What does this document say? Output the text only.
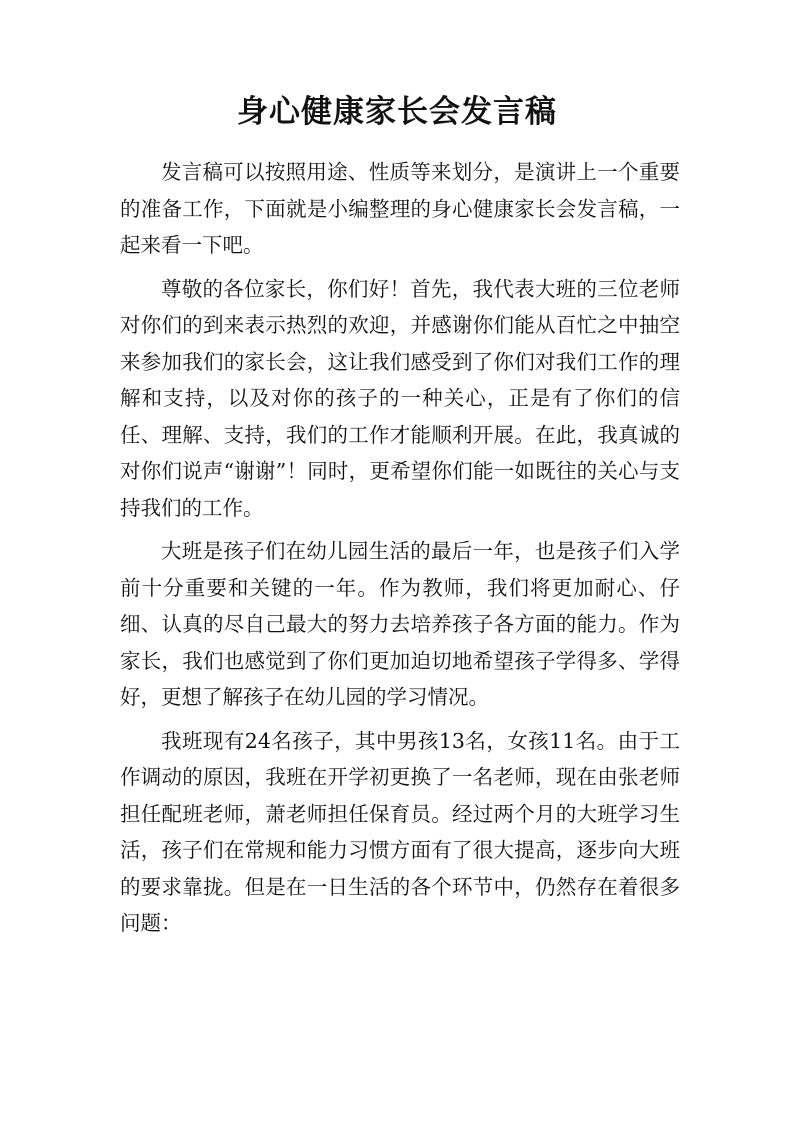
身心健康家长会发言稿

发言稿可以按照用途、性质等来划分，是演讲上一个重要的准备工作，下面就是小编整理的身心健康家长会发言稿，一起来看一下吧。

尊敬的各位家长，你们好！首先，我代表大班的三位老师对你们的到来表示热烈的欢迎，并感谢你们能从百忙之中抽空来参加我们的家长会，这让我们感受到了你们对我们工作的理解和支持，以及对你的孩子的一种关心，正是有了你们的信任、理解、支持，我们的工作才能顺利开展。在此，我真诚的对你们说声“谢谢”！同时，更希望你们能一如既往的关心与支持我们的工作。

大班是孩子们在幼儿园生活的最后一年，也是孩子们入学前十分重要和关键的一年。作为教师，我们将更加耐心、仔细、认真的尽自己最大的努力去培养孩子各方面的能力。作为家长，我们也感觉到了你们更加迫切地希望孩子学得多、学得好，更想了解孩子在幼儿园的学习情况。

我班现有24名孩子，其中男孩13名，女孩11名。由于工作调动的原因，我班在开学初更换了一名老师，现在由张老师担任配班老师，萧老师担任保育员。经过两个月的大班学习生活，孩子们在常规和能力习惯方面有了很大提高，逐步向大班的要求靠拢。但是在一日生活的各个环节中，仍然存在着很多问题：
